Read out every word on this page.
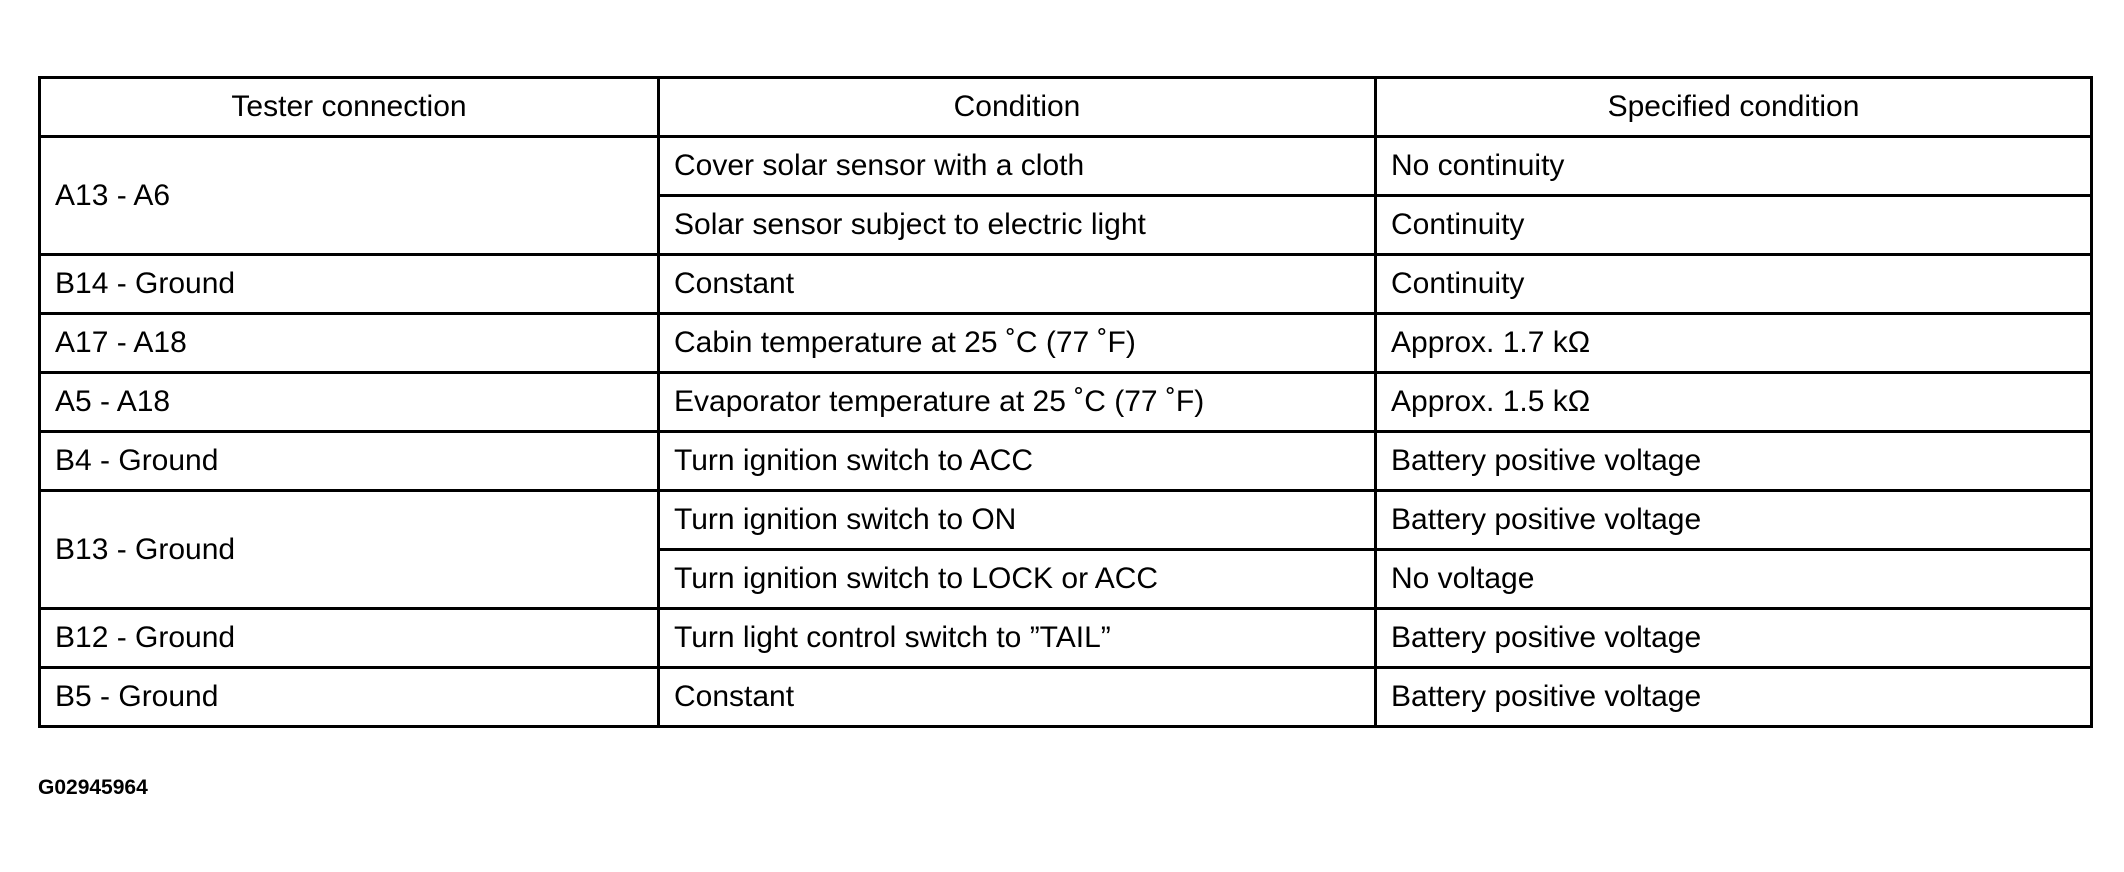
Tester connection	Condition	Specified condition
A13 - A6	Cover solar sensor with a cloth	No continuity
	Solar sensor subject to electric light	Continuity
B14 - Ground	Constant	Continuity
A17 - A18	Cabin temperature at 25 ˚C (77 ˚F)	Approx. 1.7 kΩ
A5 - A18	Evaporator temperature at 25 ˚C (77 ˚F)	Approx. 1.5 kΩ
B4 - Ground	Turn ignition switch to ACC	Battery positive voltage
B13 - Ground	Turn ignition switch to ON	Battery positive voltage
	Turn ignition switch to LOCK or ACC	No voltage
B12 - Ground	Turn light control switch to ”TAIL”	Battery positive voltage
B5 - Ground	Constant	Battery positive voltage
G02945964
